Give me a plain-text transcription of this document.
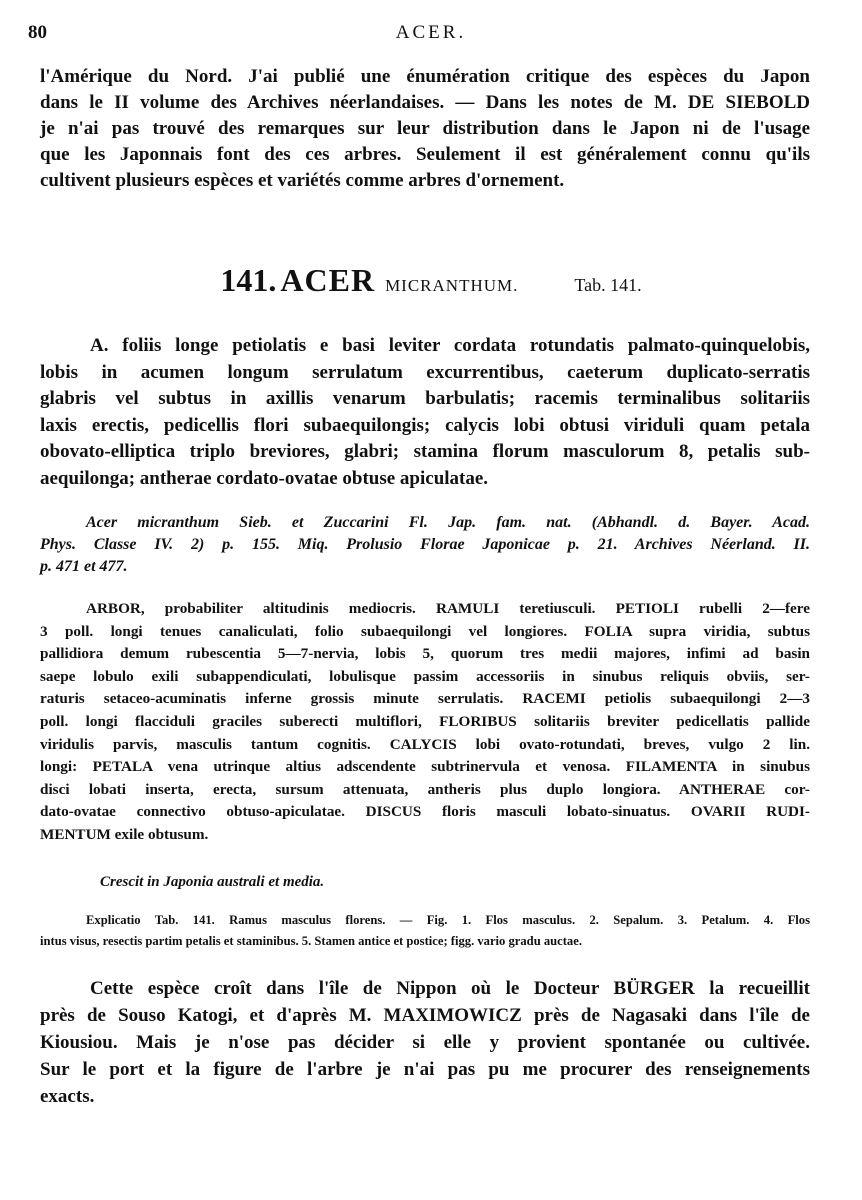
80	ACER.
l'Amérique du Nord. J'ai publié une énumération critique des espèces du Japon
dans le II volume des Archives néerlandaises. — Dans les notes de M. DE SIEBOLD
je n'ai pas trouvé des remarques sur leur distribution dans le Japon ni de l'usage
que les Japonnais font des ces arbres. Seulement il est généralement connu qu'ils
cultivent plusieurs espèces et variétés comme arbres d'ornement.
141. ACER MICRANTHUM.	Tab. 141.
A. foliis longe petiolatis e basi leviter cordata rotundatis palmato-quinquelobis,
lobis in acumen longum serrulatum excurrentibus, caeterum duplicato-serratis
glabris vel subtus in axillis venarum barbulatis; racemis terminalibus solitariis
laxis erectis, pedicellis flori subaequilongis; calycis lobi obtusi viriduli quam petala
obovato-elliptica triplo breviores, glabri; stamina florum masculorum 8, petalis sub-
aequilonga; antherae cordato-ovatae obtuse apiculatae.
Acer micranthum Sieb. et Zuccarini Fl. Jap. fam. nat. (Abhandl. d. Bayer. Acad.
Phys. Classe IV. 2) p. 155. Miq. Prolusio Florae Japonicae p. 21. Archives Néerland. II.
p. 471 et 477.
ARBOR, probabiliter altitudinis mediocris. RAMULI teretiusculi. PETIOLI rubelli 2—fere
3 poll. longi tenues canaliculati, folio subaequilongi vel longiores. FOLIA supra viridia, subtus
pallidiora demum rubescentia 5—7-nervia, lobis 5, quorum tres medii majores, infimi ad basin
saepe lobulo exili subappendiculati, lobulisque passim accessoriis in sinubus reliquis obviis, ser-
raturis setaceo-acuminatis inferne grossis minute serrulatis. RACEMI petiolis subaequilongi 2—3
poll. longi flacciduli graciles suberecti multiflori, FLORIBUS solitariis breviter pedicellatis pallide
viridulis parvis, masculis tantum cognitis. CALYCIS lobi ovato-rotundati, breves, vulgo 2 lin.
longi: PETALA vena utrinque altius adscendente subtrinervula et venosa. FILAMENTA in sinubus
disci lobati inserta, erecta, sursum attenuata, antheris plus duplo longiora. ANTHERAE cor-
dato-ovatae connectivo obtuso-apiculatae. DISCUS floris masculi lobato-sinuatus. OVARII RUDI-
MENTUM exile obtusum.
Crescit in Japonia australi et media.
Explicatio Tab. 141. Ramus masculus florens. — Fig. 1. Flos masculus. 2. Sepalum. 3. Petalum. 4. Flos
intus visus, resectis partim petalis et staminibus. 5. Stamen antice et postice; figg. vario gradu auctae.
Cette espèce croît dans l'île de Nippon où le Docteur BÜRGER la recueillit
près de Souso Katogi, et d'après M. MAXIMOWICZ près de Nagasaki dans l'île de
Kiousiou. Mais je n'ose pas décider si elle y provient spontanée ou cultivée.
Sur le port et la figure de l'arbre je n'ai pas pu me procurer des renseignements
exacts.
